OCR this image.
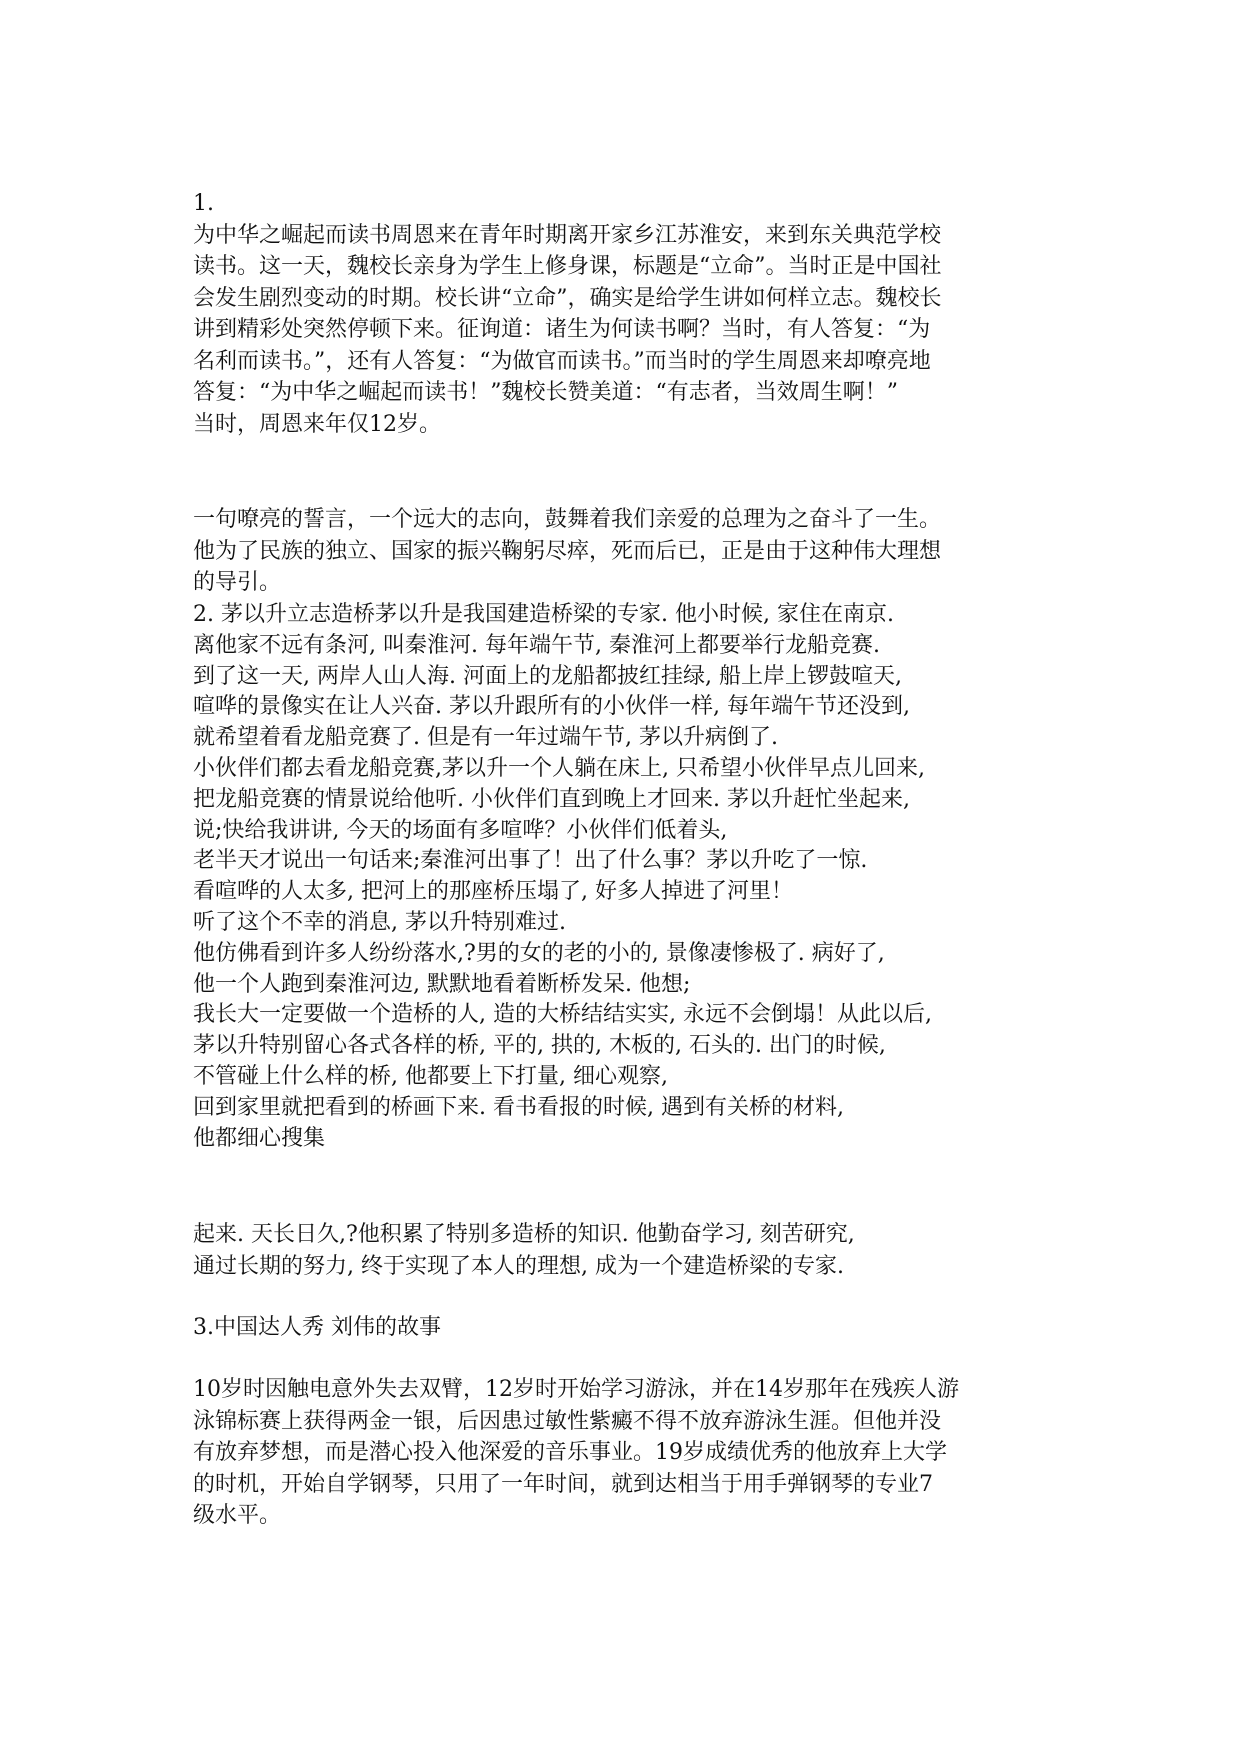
1.
为中华之崛起而读书周恩来在青年时期离开家乡江苏淮安，来到东关典范学校
读书。这一天，魏校长亲身为学生上修身课，标题是“立命”。当时正是中国社
会发生剧烈变动的时期。校长讲“立命”，确实是给学生讲如何样立志。魏校长
讲到精彩处突然停顿下来。征询道：诸生为何读书啊？当时，有人答复：“为
名利而读书。”，还有人答复：“为做官而读书。”而当时的学生周恩来却嘹亮地
答复：“为中华之崛起而读书！”魏校长赞美道：“有志者，当效周生啊！”
当时，周恩来年仅12岁。

一句嘹亮的誓言，一个远大的志向，鼓舞着我们亲爱的总理为之奋斗了一生。
他为了民族的独立、国家的振兴鞠躬尽瘁，死而后已，正是由于这种伟大理想
的导引。

2. 茅以升立志造桥茅以升是我国建造桥梁的专家. 他小时候, 家住在南京.
离他家不远有条河, 叫秦淮河. 每年端午节, 秦淮河上都要举行龙船竞赛.
到了这一天, 两岸人山人海. 河面上的龙船都披红挂绿, 船上岸上锣鼓喧天,
喧哗的景像实在让人兴奋. 茅以升跟所有的小伙伴一样, 每年端午节还没到,
就希望着看龙船竞赛了. 但是有一年过端午节, 茅以升病倒了.
小伙伴们都去看龙船竞赛,茅以升一个人躺在床上, 只希望小伙伴早点儿回来,
把龙船竞赛的情景说给他听. 小伙伴们直到晚上才回来. 茅以升赶忙坐起来,
说;快给我讲讲, 今天的场面有多喧哗？小伙伴们低着头,
老半天才说出一句话来;秦淮河出事了！出了什么事？茅以升吃了一惊.
看喧哗的人太多, 把河上的那座桥压塌了, 好多人掉进了河里！
听了这个不幸的消息, 茅以升特别难过.
他仿佛看到许多人纷纷落水,?男的女的老的小的, 景像凄惨极了. 病好了,
他一个人跑到秦淮河边, 默默地看着断桥发呆. 他想;
我长大一定要做一个造桥的人, 造的大桥结结实实, 永远不会倒塌！从此以后,
茅以升特别留心各式各样的桥, 平的, 拱的, 木板的, 石头的. 出门的时候,
不管碰上什么样的桥, 他都要上下打量, 细心观察,
回到家里就把看到的桥画下来. 看书看报的时候, 遇到有关桥的材料,
他都细心搜集

起来. 天长日久,?他积累了特别多造桥的知识. 他勤奋学习, 刻苦研究,
通过长期的努力, 终于实现了本人的理想, 成为一个建造桥梁的专家.

3.中国达人秀 刘伟的故事

10岁时因触电意外失去双臂，12岁时开始学习游泳，并在14岁那年在残疾人游
泳锦标赛上获得两金一银，后因患过敏性紫癜不得不放弃游泳生涯。但他并没
有放弃梦想，而是潜心投入他深爱的音乐事业。19岁成绩优秀的他放弃上大学
的时机，开始自学钢琴，只用了一年时间，就到达相当于用手弹钢琴的专业7
级水平。
